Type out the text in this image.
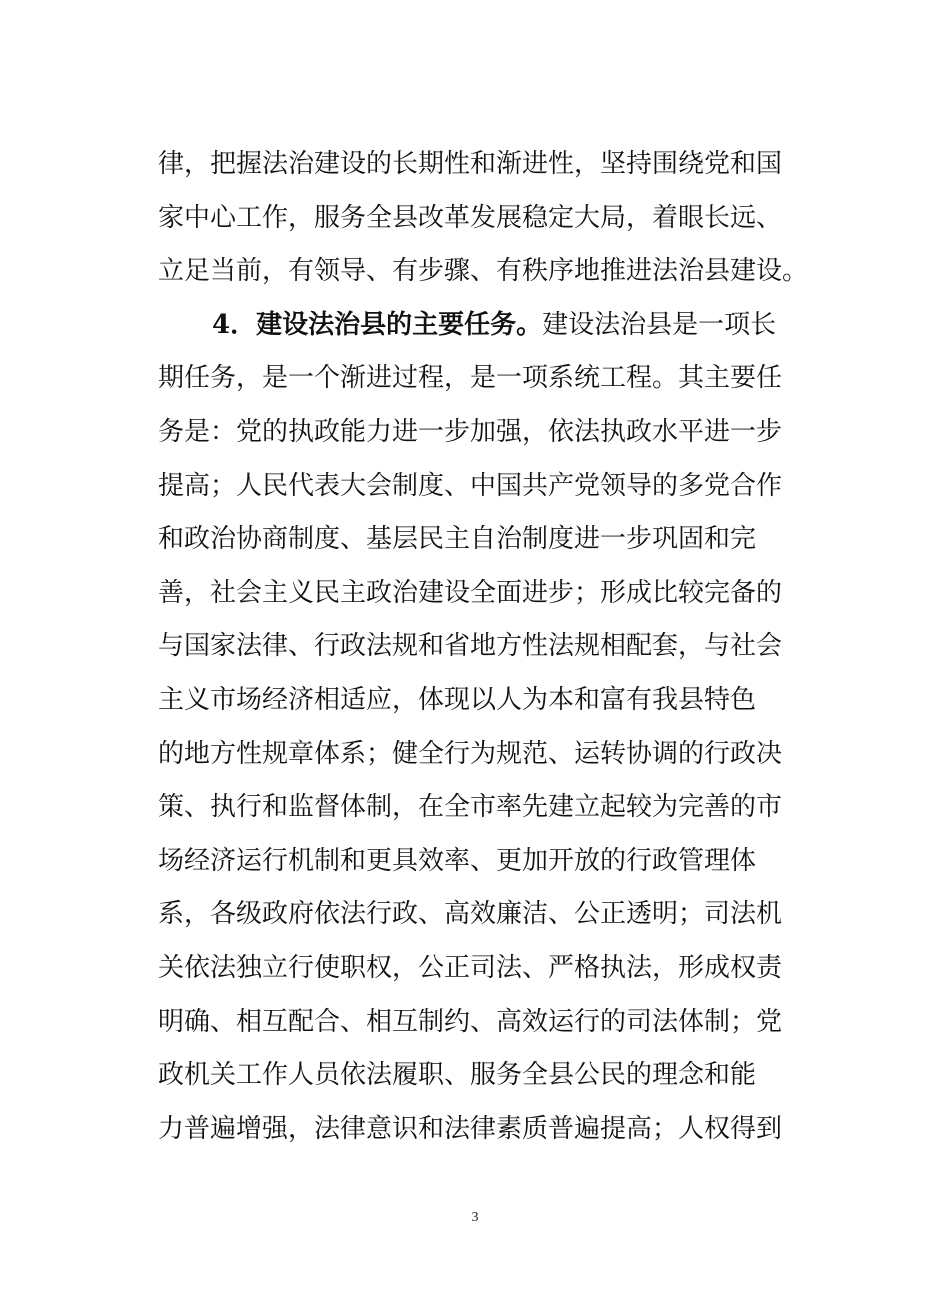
律，把握法治建设的长期性和渐进性，坚持围绕党和国
家中心工作，服务全县改革发展稳定大局，着眼长远、
立足当前，有领导、有步骤、有秩序地推进法治县建设。
4．建设法治县的主要任务。建设法治县是一项长
期任务，是一个渐进过程，是一项系统工程。其主要任
务是：党的执政能力进一步加强，依法执政水平进一步
提高；人民代表大会制度、中国共产党领导的多党合作
和政治协商制度、基层民主自治制度进一步巩固和完
善，社会主义民主政治建设全面进步；形成比较完备的
与国家法律、行政法规和省地方性法规相配套，与社会
主义市场经济相适应，体现以人为本和富有我县特色
的地方性规章体系；健全行为规范、运转协调的行政决
策、执行和监督体制，在全市率先建立起较为完善的市
场经济运行机制和更具效率、更加开放的行政管理体
系，各级政府依法行政、高效廉洁、公正透明；司法机
关依法独立行使职权，公正司法、严格执法，形成权责
明确、相互配合、相互制约、高效运行的司法体制；党
政机关工作人员依法履职、服务全县公民的理念和能
力普遍增强，法律意识和法律素质普遍提高；人权得到
3
